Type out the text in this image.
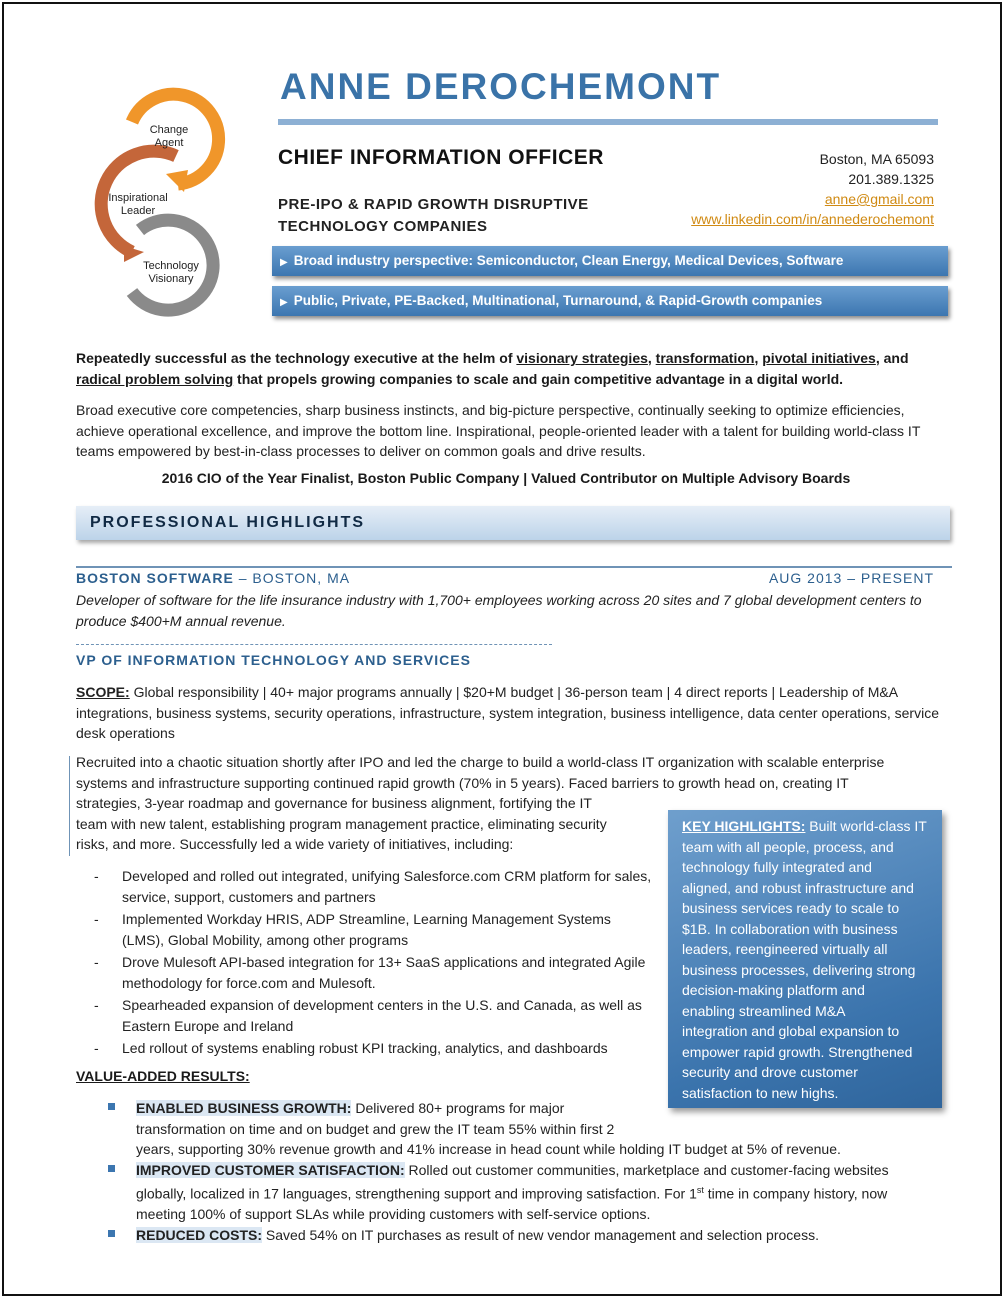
Change
Agent
Inspirational
Leader
Technology
Visionary
ANNE DEROCHEMONT
CHIEF INFORMATION OFFICER
PRE-IPO & RAPID GROWTH DISRUPTIVE
TECHNOLOGY COMPANIES
Boston, MA 65093
201.389.1325
anne@gmail.com
www.linkedin.com/in/annederochemont
▶ Broad industry perspective: Semiconductor, Clean Energy, Medical Devices, Software
▶ Public, Private, PE-Backed, Multinational, Turnaround, & Rapid-Growth companies
Repeatedly successful as the technology executive at the helm of visionary strategies, transformation, pivotal initiatives, and
radical problem solving that propels growing companies to scale and gain competitive advantage in a digital world.
Broad executive core competencies, sharp business instincts, and big-picture perspective, continually seeking to optimize efficiencies, achieve operational excellence, and improve the bottom line. Inspirational, people-oriented leader with a talent for building world-class IT teams empowered by best-in-class processes to deliver on common goals and drive results.
2016 CIO of the Year Finalist, Boston Public Company | Valued Contributor on Multiple Advisory Boards
PROFESSIONAL HIGHLIGHTS
BOSTON SOFTWARE – BOSTON, MA	AUG 2013 – PRESENT
Developer of software for the life insurance industry with 1,700+ employees working across 20 sites and 7 global development centers to produce $400+M annual revenue.
VP OF INFORMATION TECHNOLOGY AND SERVICES
SCOPE: Global responsibility | 40+ major programs annually | $20+M budget | 36-person team | 4 direct reports | Leadership of M&A integrations, business systems, security operations, infrastructure, system integration, business intelligence, data center operations, service desk operations
Recruited into a chaotic situation shortly after IPO and led the charge to build a world-class IT organization with scalable enterprise
systems and infrastructure supporting continued rapid growth (70% in 5 years). Faced barriers to growth head on, creating IT
strategies, 3-year roadmap and governance for business alignment, fortifying the IT
team with new talent, establishing program management practice, eliminating security
risks, and more. Successfully led a wide variety of initiatives, including:
- Developed and rolled out integrated, unifying Salesforce.com CRM platform for sales, service, support, customers and partners
- Implemented Workday HRIS, ADP Streamline, Learning Management Systems (LMS), Global Mobility, among other programs
- Drove Mulesoft API-based integration for 13+ SaaS applications and integrated Agile methodology for force.com and Mulesoft.
- Spearheaded expansion of development centers in the U.S. and Canada, as well as Eastern Europe and Ireland
- Led rollout of systems enabling robust KPI tracking, analytics, and dashboards
KEY HIGHLIGHTS: Built world-class IT
team with all people, process, and
technology fully integrated and
aligned, and robust infrastructure and
business services ready to scale to
$1B. In collaboration with business
leaders, reengineered virtually all
business processes, delivering strong
decision-making platform and
enabling streamlined M&A
integration and global expansion to
empower rapid growth. Strengthened
security and drove customer
satisfaction to new highs.
VALUE-ADDED RESULTS:
ENABLED BUSINESS GROWTH: Delivered 80+ programs for major
transformation on time and on budget and grew the IT team 55% within first 2
years, supporting 30% revenue growth and 41% increase in head count while holding IT budget at 5% of revenue.
IMPROVED CUSTOMER SATISFACTION: Rolled out customer communities, marketplace and customer-facing websites
globally, localized in 17 languages, strengthening support and improving satisfaction. For 1st time in company history, now
meeting 100% of support SLAs while providing customers with self-service options.
REDUCED COSTS: Saved 54% on IT purchases as result of new vendor management and selection process.
